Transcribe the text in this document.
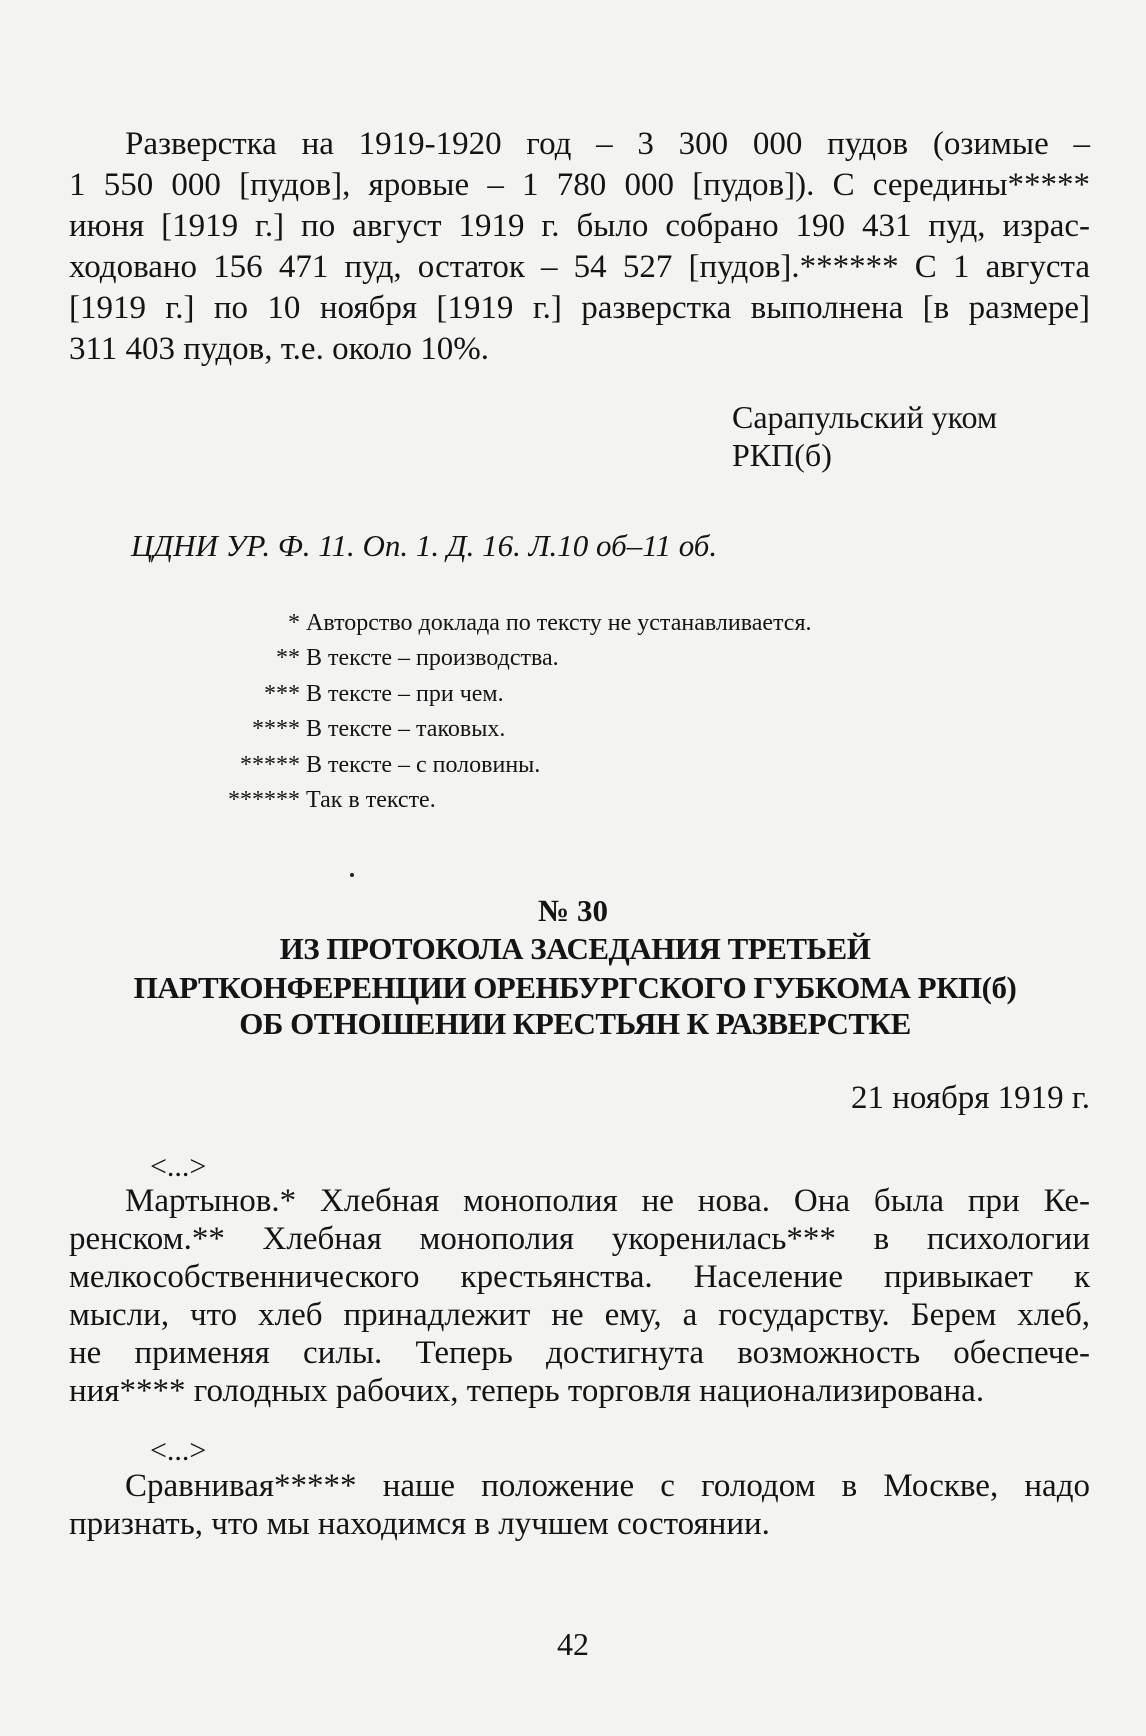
Разверстка на 1919-1920 год – 3 300 000 пудов (озимые –
1 550 000 [пудов], яровые – 1 780 000 [пудов]). С середины*****
июня [1919 г.] по август 1919 г. было собрано 190 431 пуд, израс-
ходовано 156 471 пуд, остаток – 54 527 [пудов].****** С 1 августа
[1919 г.] по 10 ноября [1919 г.] разверстка выполнена [в размере]
311 403 пудов, т.е. около 10%.
Сарапульский уком
РКП(б)
ЦДНИ УР. Ф. 11. Оп. 1. Д. 16. Л.10 об–11 об.
* Авторство доклада по тексту не устанавливается.
** В тексте – производства.
*** В тексте – при чем.
**** В тексте – таковых.
***** В тексте – с половины.
****** Так в тексте.
№ 30
ИЗ ПРОТОКОЛА ЗАСЕДАНИЯ ТРЕТЬЕЙ
ПАРТКОНФЕРЕНЦИИ ОРЕНБУРГСКОГО ГУБКОМА РКП(б)
ОБ ОТНОШЕНИИ КРЕСТЬЯН К РАЗВЕРСТКЕ
21 ноября 1919 г.
<...>
Мартынов.* Хлебная монополия не нова. Она была при Ке-
ренском.** Хлебная монополия укоренилась*** в психологии
мелкособственнического крестьянства. Население привыкает к
мысли, что хлеб принадлежит не ему, а государству. Берем хлеб,
не применяя силы. Теперь достигнута возможность обеспече-
ния**** голодных рабочих, теперь торговля национализирована.
<...>
Сравнивая***** наше положение с голодом в Москве, надо
признать, что мы находимся в лучшем состоянии.
42
